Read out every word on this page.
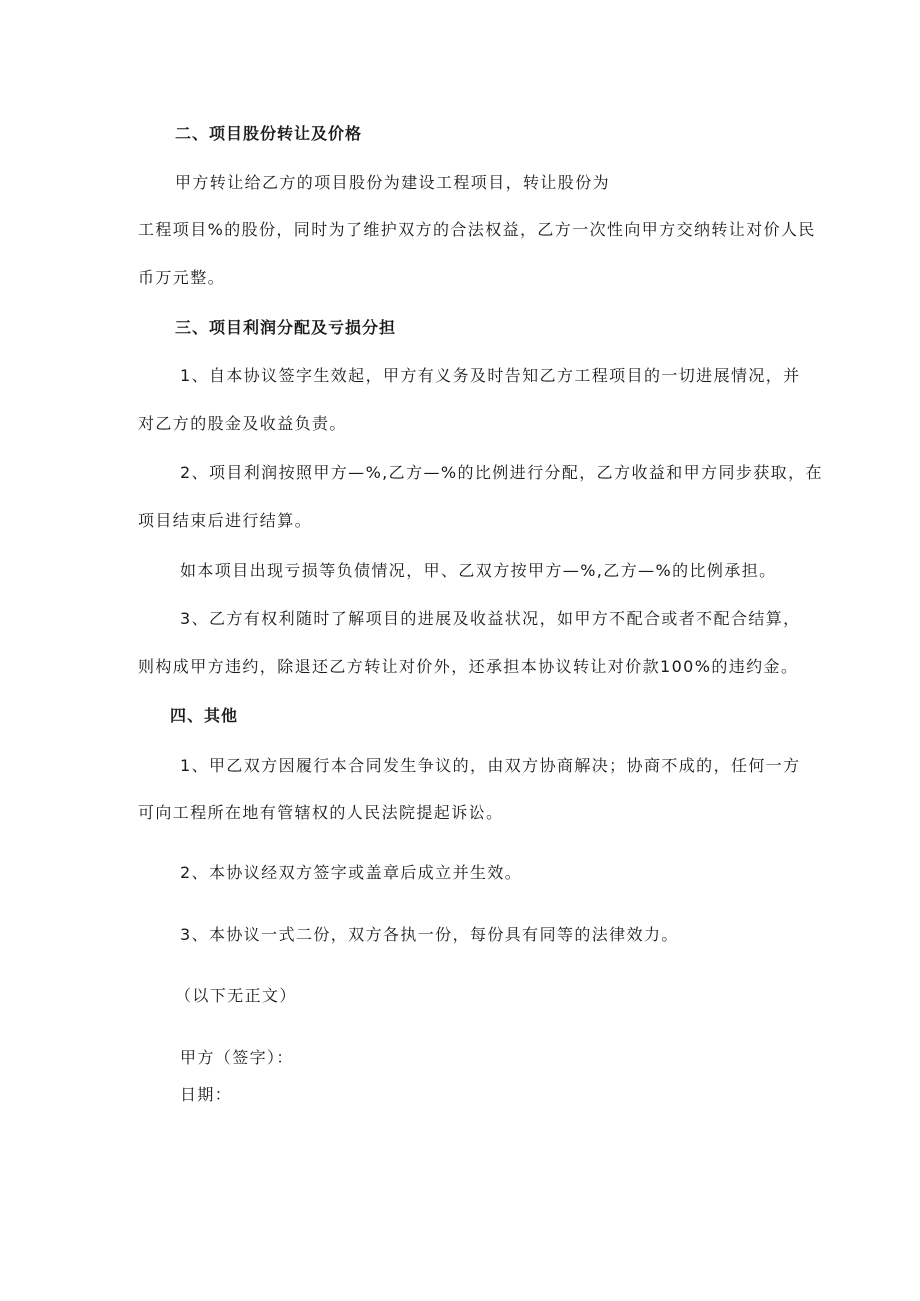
二、项目股份转让及价格
甲方转让给乙方的项目股份为建设工程项目，转让股份为
工程项目%的股份，同时为了维护双方的合法权益，乙方一次性向甲方交纳转让对价人民
币万元整。
三、项目利润分配及亏损分担
1、自本协议签字生效起，甲方有义务及时告知乙方工程项目的一切进展情况，并
对乙方的股金及收益负责。
2、项目利润按照甲方—%,乙方—%的比例进行分配，乙方收益和甲方同步获取，在
项目结束后进行结算。
如本项目出现亏损等负债情况，甲、乙双方按甲方—%,乙方—%的比例承担。
3、乙方有权利随时了解项目的进展及收益状况，如甲方不配合或者不配合结算，
则构成甲方违约，除退还乙方转让对价外，还承担本协议转让对价款100%的违约金。
四、其他
1、甲乙双方因履行本合同发生争议的，由双方协商解决；协商不成的，任何一方
可向工程所在地有管辖权的人民法院提起诉讼。
2、本协议经双方签字或盖章后成立并生效。
3、本协议一式二份，双方各执一份，每份具有同等的法律效力。
（以下无正文）
甲方（签字）：
日期：
